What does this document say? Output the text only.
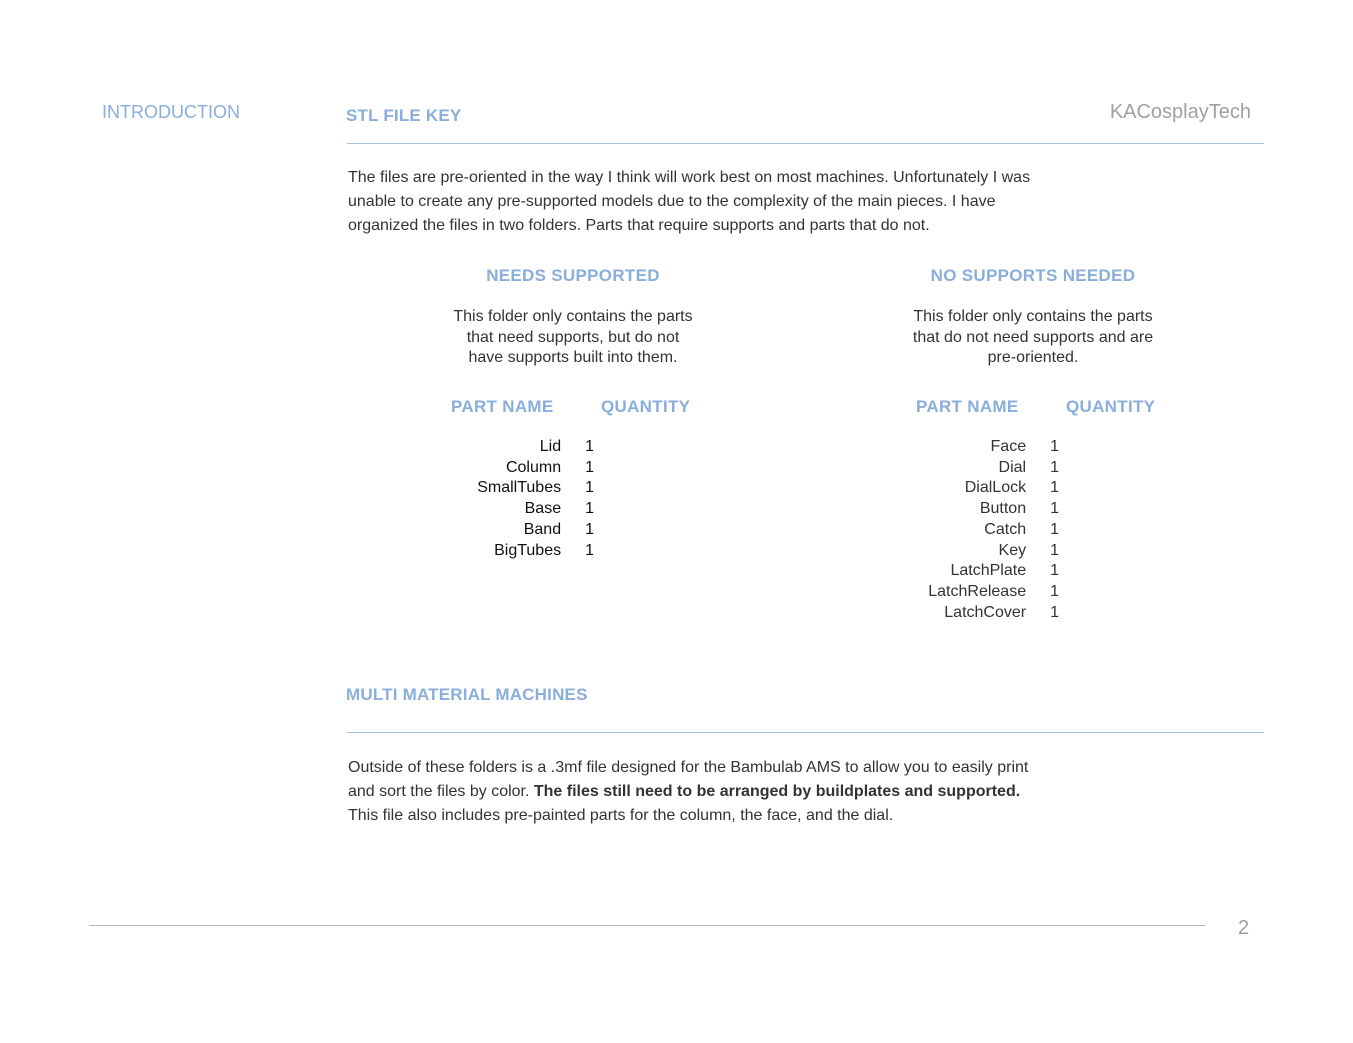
INTRODUCTION	KACosplayTech
STL FILE KEY

The files are pre-oriented in the way I think will work best on most machines. Unfortunately I was

unable to create any pre-supported models due to the complexity of the main pieces. I have

organized the files in two folders. Parts that require supports and parts that do not.

NEEDS SUPPORTED

This folder only contains the parts

that need supports, but do not

have supports built into them.

PART NAME	QUANTITY
Lid	1
Column	1
SmallTubes	1
Base	1
Band	1
BigTubes	1
NO SUPPORTS NEEDED

This folder only contains the parts

that do not need supports and are

pre-oriented.

PART NAME	QUANTITY
Face	1
Dial	1
DialLock	1
Button	1
Catch	1
Key	1
LatchPlate	1
LatchRelease	1
LatchCover	1
MULTI MATERIAL MACHINES

Outside of these folders is a .3mf file designed for the Bambulab AMS to allow you to easily print

and sort the files by color. The files still need to be arranged by buildplates and supported.

This file also includes pre-painted parts for the column, the face, and the dial.

2
